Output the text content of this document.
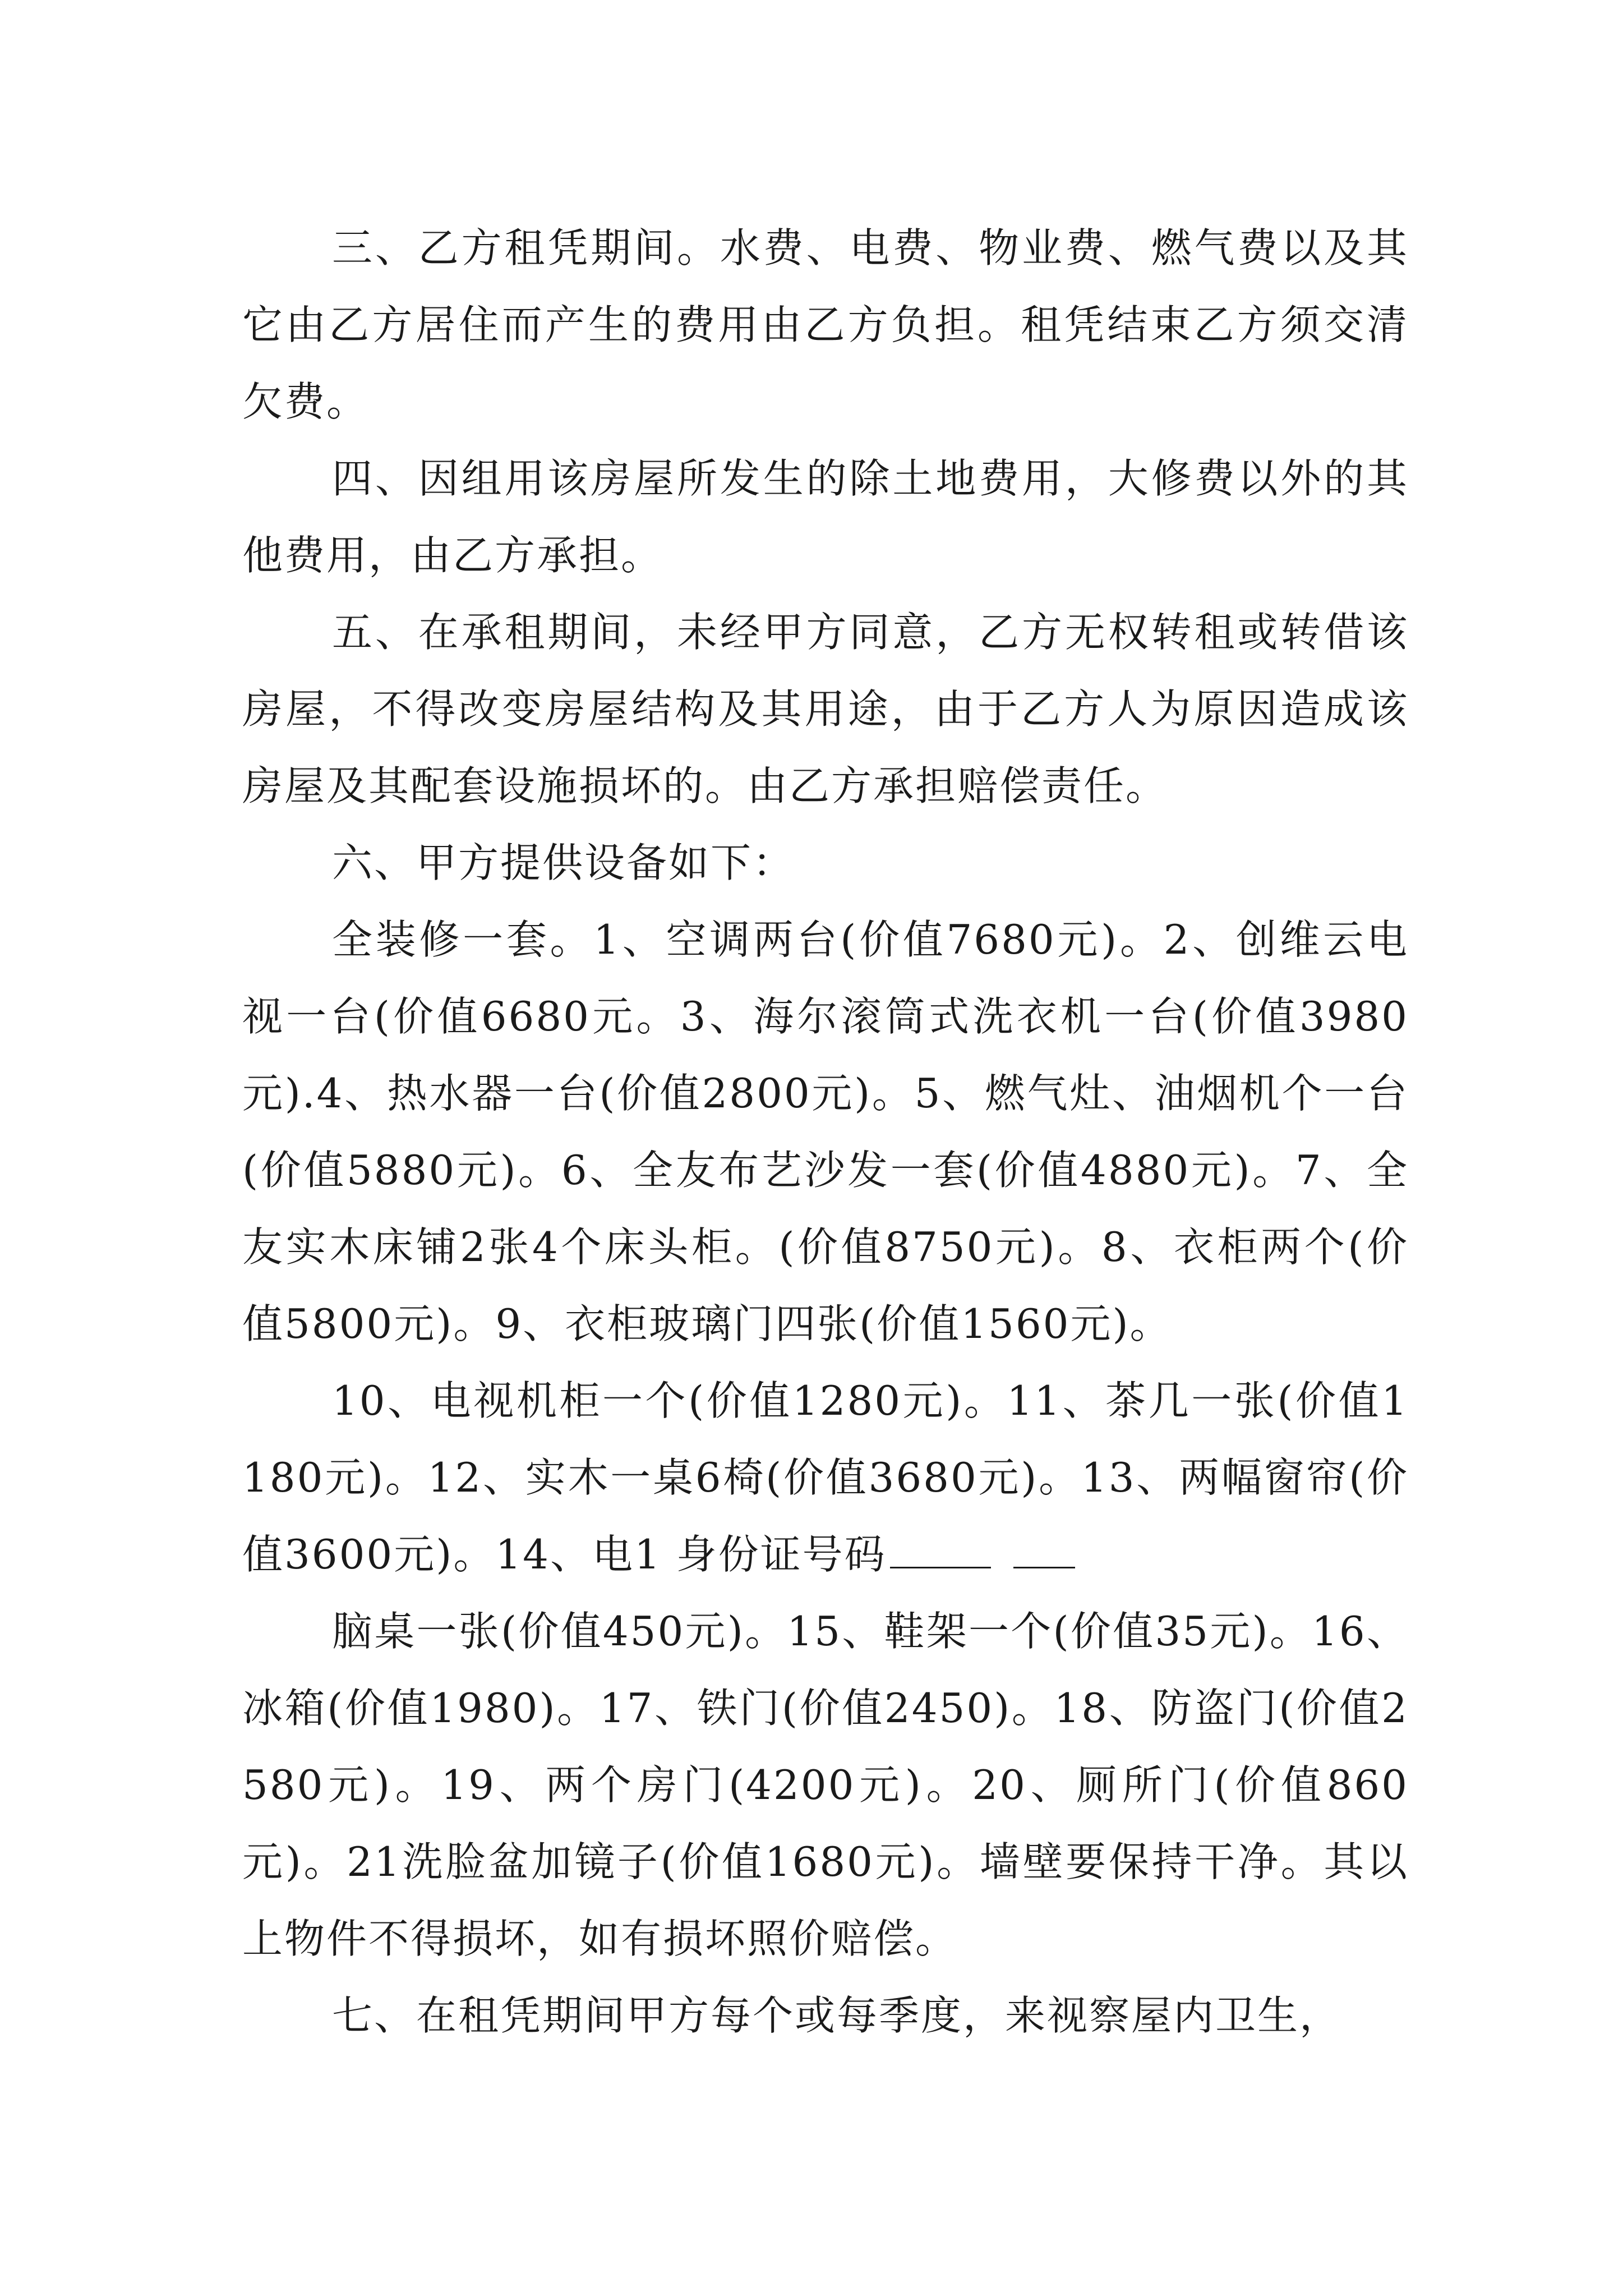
三、乙方租凭期间。水费、电费、物业费、燃气费以及其它由乙方居住而产生的费用由乙方负担。租凭结束乙方须交清欠费。

四、因组用该房屋所发生的除土地费用，大修费以外的其他费用，由乙方承担。

五、在承租期间，未经甲方同意，乙方无权转租或转借该房屋，不得改变房屋结构及其用途，由于乙方人为原因造成该房屋及其配套设施损坏的。由乙方承担赔偿责任。

六、甲方提供设备如下：

全装修一套。1、空调两台(价值7680元)。2、创维云电视一台(价值6680元。3、海尔滚筒式洗衣机一台(价值3980元).4、热水器一台(价值2800元)。5、燃气灶、油烟机个一台(价值5880元)。6、全友布艺沙发一套(价值4880元)。7、全友实木床铺2张4个床头柜。(价值8750元)。8、衣柜两个(价值5800元)。9、衣柜玻璃门四张(价值1560元)。

10、电视机柜一个(价值1280元)。11、茶几一张(价值1180元)。12、实木一桌6椅(价值3680元)。13、两幅窗帘(价值3600元)。14、电1 身份证号码

脑桌一张(价值450元)。15、鞋架一个(价值35元)。16、冰箱(价值1980)。17、铁门(价值2450)。18、防盗门(价值2580元)。19、两个房门(4200元)。20、厕所门(价值860元)。21洗脸盆加镜子(价值1680元)。墙壁要保持干净。其以上物件不得损坏，如有损坏照价赔偿。

七、在租凭期间甲方每个或每季度，来视察屋内卫生，
